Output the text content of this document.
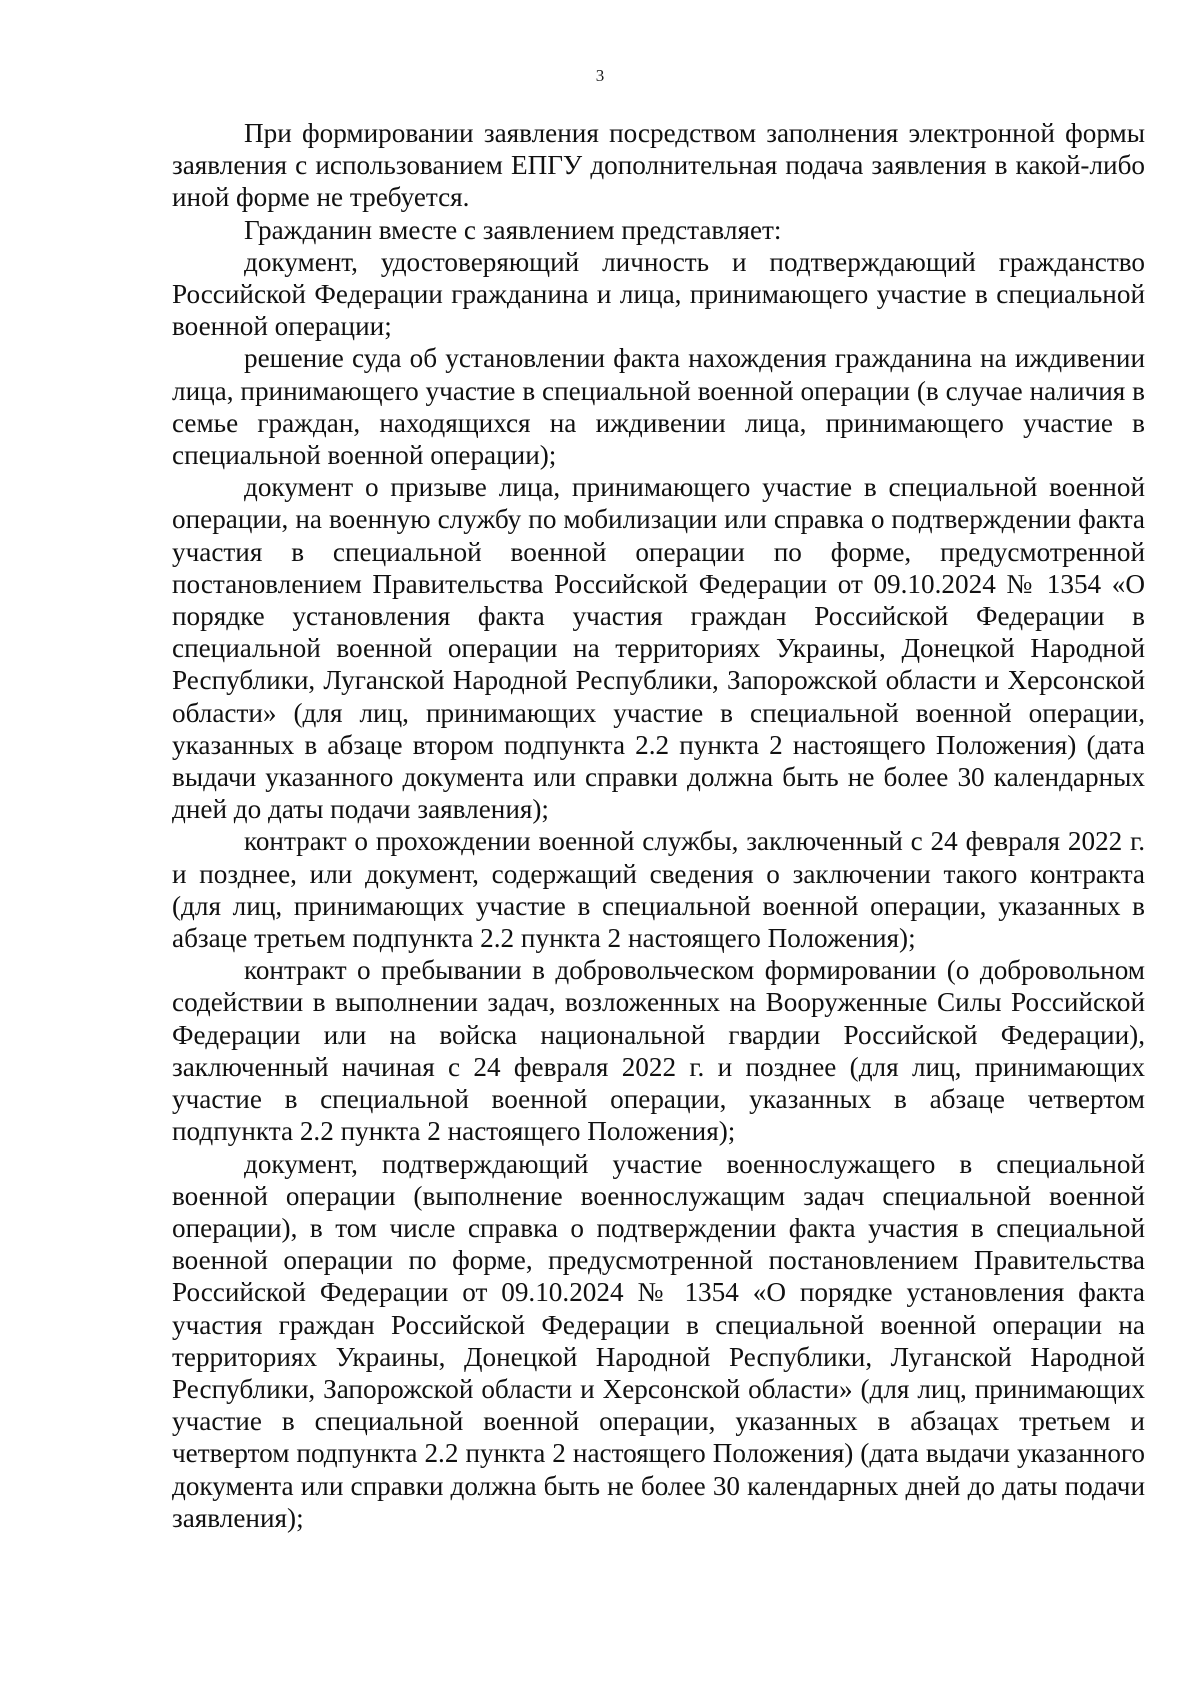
3

При формировании заявления посредством заполнения электронной формы заявления с использованием ЕПГУ дополнительная подача заявления в какой-либо иной форме не требуется.

Гражданин вместе с заявлением представляет:

документ, удостоверяющий личность и подтверждающий гражданство Российской Федерации гражданина и лица, принимающего участие в специальной военной операции;

решение суда об установлении факта нахождения гражданина на иждивении лица, принимающего участие в специальной военной операции (в случае наличия в семье граждан, находящихся на иждивении лица, принимающего участие в специальной военной операции);

документ о призыве лица, принимающего участие в специальной военной операции, на военную службу по мобилизации или справка о подтверждении факта участия в специальной военной операции по форме, предусмотренной постановлением Правительства Российской Федерации от 09.10.2024 № 1354 «О порядке установления факта участия граждан Российской Федерации в специальной военной операции на территориях Украины, Донецкой Народной Республики, Луганской Народной Республики, Запорожской области и Херсонской области» (для лиц, принимающих участие в специальной военной операции, указанных в абзаце втором подпункта 2.2 пункта 2 настоящего Положения) (дата выдачи указанного документа или справки должна быть не более 30 календарных дней до даты подачи заявления);

контракт о прохождении военной службы, заключенный с 24 февраля 2022 г. и позднее, или документ, содержащий сведения о заключении такого контракта (для лиц, принимающих участие в специальной военной операции, указанных в абзаце третьем подпункта 2.2 пункта 2 настоящего Положения);

контракт о пребывании в добровольческом формировании (о добровольном содействии в выполнении задач, возложенных на Вооруженные Силы Российской Федерации или на войска национальной гвардии Российской Федерации), заключенный начиная с 24 февраля 2022 г. и позднее (для лиц, принимающих участие в специальной военной операции, указанных в абзаце четвертом подпункта 2.2 пункта 2 настоящего Положения);

документ, подтверждающий участие военнослужащего в специальной военной операции (выполнение военнослужащим задач специальной военной операции), в том числе справка о подтверждении факта участия в специальной военной операции по форме, предусмотренной постановлением Правительства Российской Федерации от 09.10.2024 № 1354 «О порядке установления факта участия граждан Российской Федерации в специальной военной операции на территориях Украины, Донецкой Народной Республики, Луганской Народной Республики, Запорожской области и Херсонской области» (для лиц, принимающих участие в специальной военной операции, указанных в абзацах третьем и четвертом подпункта 2.2 пункта 2 настоящего Положения) (дата выдачи указанного документа или справки должна быть не более 30 календарных дней до даты подачи заявления);
